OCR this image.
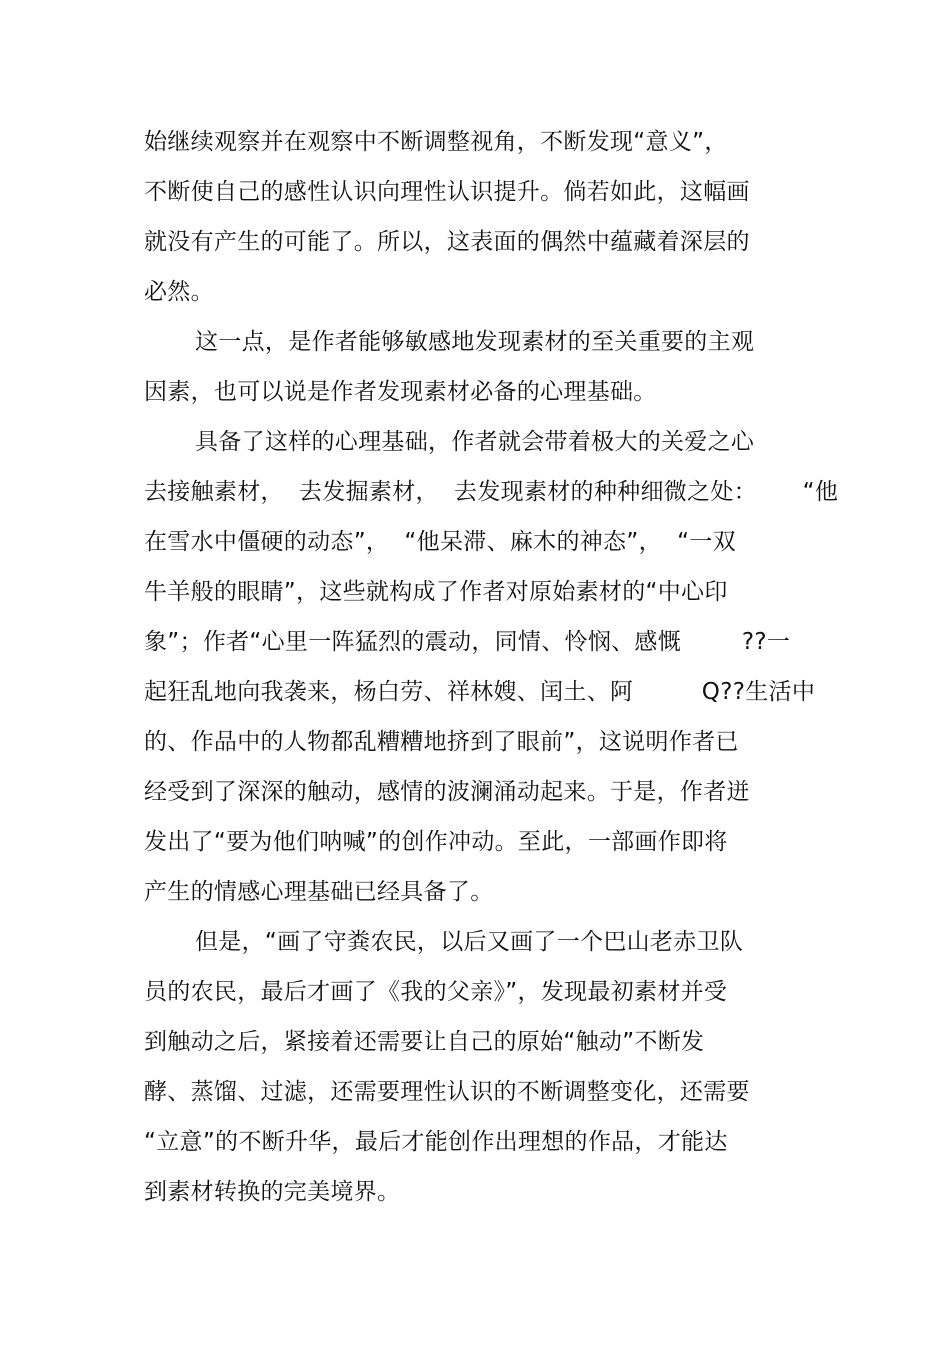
始继续观察并在观察中不断调整视角，不断发现“意义”，
不断使自己的感性认识向理性认识提升。倘若如此，这幅画
就没有产生的可能了。所以，这表面的偶然中蕴藏着深层的
必然。
这一点，是作者能够敏感地发现素材的至关重要的主观
因素，也可以说是作者发现素材必备的心理基础。
具备了这样的心理基础，作者就会带着极大的关爱之心
去接触素材，  去发掘素材，  去发现素材的种种细微之处：      “他
在雪水中僵硬的动态”，  “他呆滞、麻木的神态”，  “一双
牛羊般的眼睛”，这些就构成了作者对原始素材的“中心印
象”；作者“心里一阵猛烈的震动，同情、怜悯、感慨        ??一
起狂乱地向我袭来，杨白劳、祥林嫂、闰土、阿         Q??生活中
的、作品中的人物都乱糟糟地挤到了眼前”，这说明作者已
经受到了深深的触动，感情的波澜涌动起来。于是，作者迸
发出了“要为他们呐喊”的创作冲动。至此，一部画作即将
产生的情感心理基础已经具备了。
但是，“画了守粪农民，以后又画了一个巴山老赤卫队
员的农民，最后才画了《我的父亲》”，发现最初素材并受
到触动之后，紧接着还需要让自己的原始“触动”不断发
酵、蒸馏、过滤，还需要理性认识的不断调整变化，还需要
“立意”的不断升华，最后才能创作出理想的作品，才能达
到素材转换的完美境界。
